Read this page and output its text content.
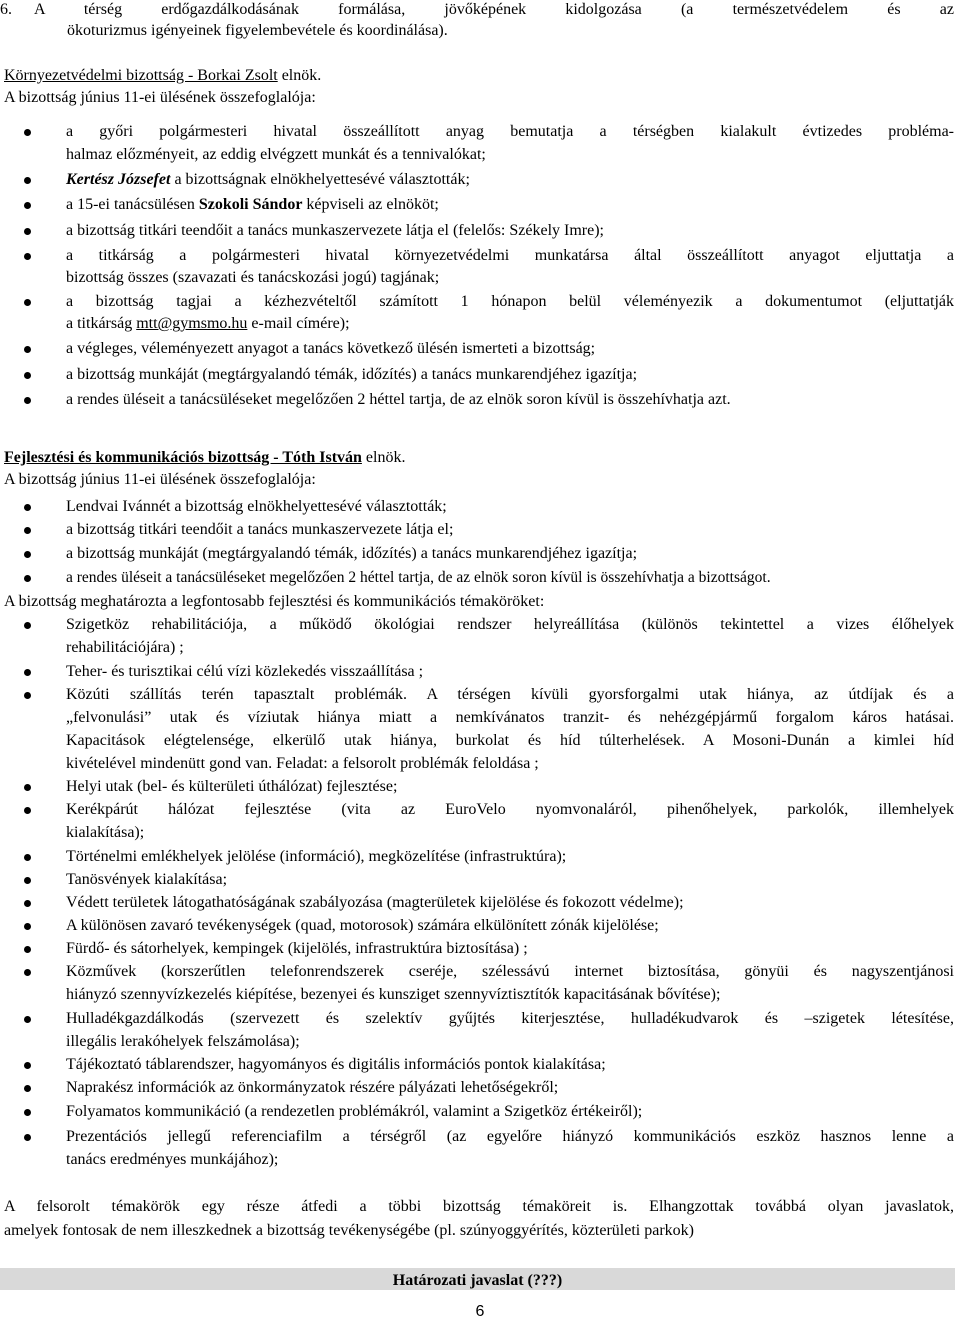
6. A térség erdőgazdálkodásának formálása, jövőképének kidolgozása (a természetvédelem és az
ökoturizmus igényeinek figyelembevétele és koordinálása).
Környezetvédelmi bizottság - Borkai Zsolt elnök.
A bizottság június 11-ei ülésének összefoglalója:
a győri polgármesteri hivatal összeállított anyag bemutatja a térségben kialakult évtizedes probléma-
halmaz előzményeit, az eddig elvégzett munkát és a tennivalókat;
Kertész Józsefet a bizottságnak elnökhelyettesévé választották;
a 15-ei tanácsülésen Szokoli Sándor képviseli az elnököt;
a bizottság titkári teendőit a tanács munkaszervezete látja el (felelős: Székely Imre);
a titkárság a polgármesteri hivatal környezetvédelmi munkatársa által összeállított anyagot eljuttatja a
bizottság összes (szavazati és tanácskozási jogú) tagjának;
a bizottság tagjai a kézhezvételtől számított 1 hónapon belül véleményezik a dokumentumot (eljuttatják
a titkárság mtt@gymsmo.hu e-mail címére);
a végleges, véleményezett anyagot a tanács következő ülésén ismerteti a bizottság;
a bizottság munkáját (megtárgyalandó témák, időzítés) a tanács munkarendjéhez igazítja;
a rendes üléseit a tanácsüléseket megelőzően 2 héttel tartja, de az elnök soron kívül is összehívhatja azt.
Fejlesztési és kommunikációs bizottság - Tóth István elnök.
A bizottság június 11-ei ülésének összefoglalója:
Lendvai Ivánnét a bizottság elnökhelyettesévé választották;
a bizottság titkári teendőit a tanács munkaszervezete látja el;
a bizottság munkáját (megtárgyalandó témák, időzítés) a tanács munkarendjéhez igazítja;
a rendes üléseit a tanácsüléseket megelőzően 2 héttel tartja, de az elnök soron kívül is összehívhatja a bizottságot.
A bizottság meghatározta a legfontosabb fejlesztési és kommunikációs témaköröket:
Szigetköz rehabilitációja, a működő ökológiai rendszer helyreállítása (különös tekintettel a vizes élőhelyek
rehabilitációjára) ;
Teher- és turisztikai célú vízi közlekedés visszaállítása ;
Közúti szállítás terén tapasztalt problémák. A térségen kívüli gyorsforgalmi utak hiánya, az útdíjak és a
„felvonulási” utak és víziutak hiánya miatt a nemkívánatos tranzit- és nehézgépjármű forgalom káros hatásai.
Kapacitások elégtelensége, elkerülő utak hiánya, burkolat és híd túlterhelések. A Mosoni-Dunán a kimlei híd
kivételével mindenütt gond van. Feladat: a felsorolt problémák feloldása ;
Helyi utak (bel- és külterületi úthálózat) fejlesztése;
Kerékpárút hálózat fejlesztése (vita az EuroVelo nyomvonaláról, pihenőhelyek, parkolók, illemhelyek
kialakítása);
Történelmi emlékhelyek jelölése (információ), megközelítése (infrastruktúra);
Tanösvények kialakítása;
Védett területek látogathatóságának szabályozása (magterületek kijelölése és fokozott védelme);
A különösen zavaró tevékenységek (quad, motorosok) számára elkülönített zónák kijelölése;
Fürdő- és sátorhelyek, kempingek (kijelölés, infrastruktúra biztosítása) ;
Közművek (korszerűtlen telefonrendszerek cseréje, szélessávú internet biztosítása, gönyüi és nagyszentjánosi
hiányzó szennyvízkezelés kiépítése, bezenyei és kunsziget szennyvíztisztítók kapacitásának bővítése);
Hulladékgazdálkodás (szervezett és szelektív gyűjtés kiterjesztése, hulladékudvarok és –szigetek létesítése,
illegális lerakóhelyek felszámolása);
Tájékoztató táblarendszer, hagyományos és digitális információs pontok kialakítása;
Naprakész információk az önkormányzatok részére pályázati lehetőségekről;
Folyamatos kommunikáció (a rendezetlen problémákról, valamint a Szigetköz értékeiről);
Prezentációs jellegű referenciafilm a térségről (az egyelőre hiányzó kommunikációs eszköz hasznos lenne a
tanács eredményes munkájához);
A felsorolt témakörök egy része átfedi a többi bizottság témaköreit is. Elhangzottak továbbá olyan javaslatok,
amelyek fontosak de nem illeszkednek a bizottság tevékenységébe (pl. szúnyoggyérítés, közterületi parkok)
Határozati javaslat (???)
6
